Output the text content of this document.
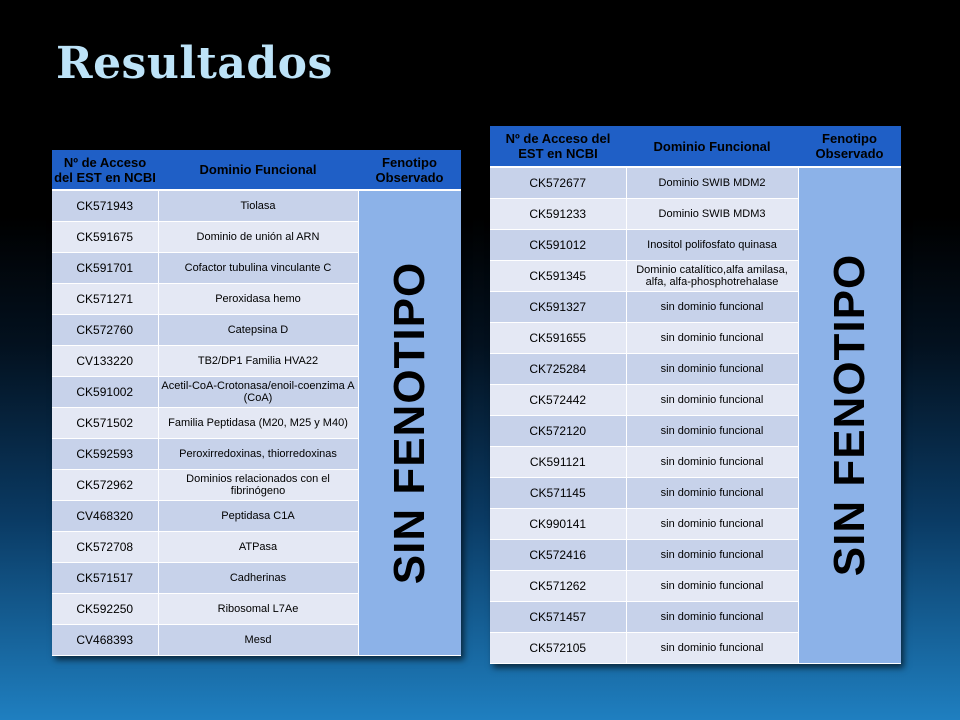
Resultados
Nº de Acceso del EST en NCBI	Dominio Funcional	Fenotipo Observado
CK571943	Tiolasa	SIN FENOTIPO

CK591675	Dominio de unión al ARN	
CK591701	Cofactor tubulina vinculante C	
CK571271	Peroxidasa hemo	
CK572760	Catepsina D	
CV133220	TB2/DP1 Familia HVA22	
CK591002	Acetil-CoA-Crotonasa/enoil-coenzima A (CoA)	
CK571502	Familia Peptidasa (M20, M25 y M40)	
CK592593	Peroxirredoxinas, thiorredoxinas	
CK572962	Dominios relacionados con el fibrinógeno	
CV468320	Peptidasa C1A	
CK572708	ATPasa	
CK571517	Cadherinas	
CK592250	Ribosomal L7Ae	
CV468393	Mesd	
Nº de Acceso del EST en NCBI	Dominio Funcional	Fenotipo Observado
CK572677	Dominio SWIB MDM2	SIN FENOTIPO

CK591233	Dominio SWIB MDM3	
CK591012	Inositol polifosfato quinasa	
CK591345	Dominio catalítico,alfa amilasa, alfa, alfa-phosphotrehalase	
CK591327	sin dominio funcional	
CK591655	sin dominio funcional	
CK725284	sin dominio funcional	
CK572442	sin dominio funcional	
CK572120	sin dominio funcional	
CK591121	sin dominio funcional	
CK571145	sin dominio funcional	
CK990141	sin dominio funcional	
CK572416	sin dominio funcional	
CK571262	sin dominio funcional	
CK571457	sin dominio funcional	
CK572105	sin dominio funcional	
